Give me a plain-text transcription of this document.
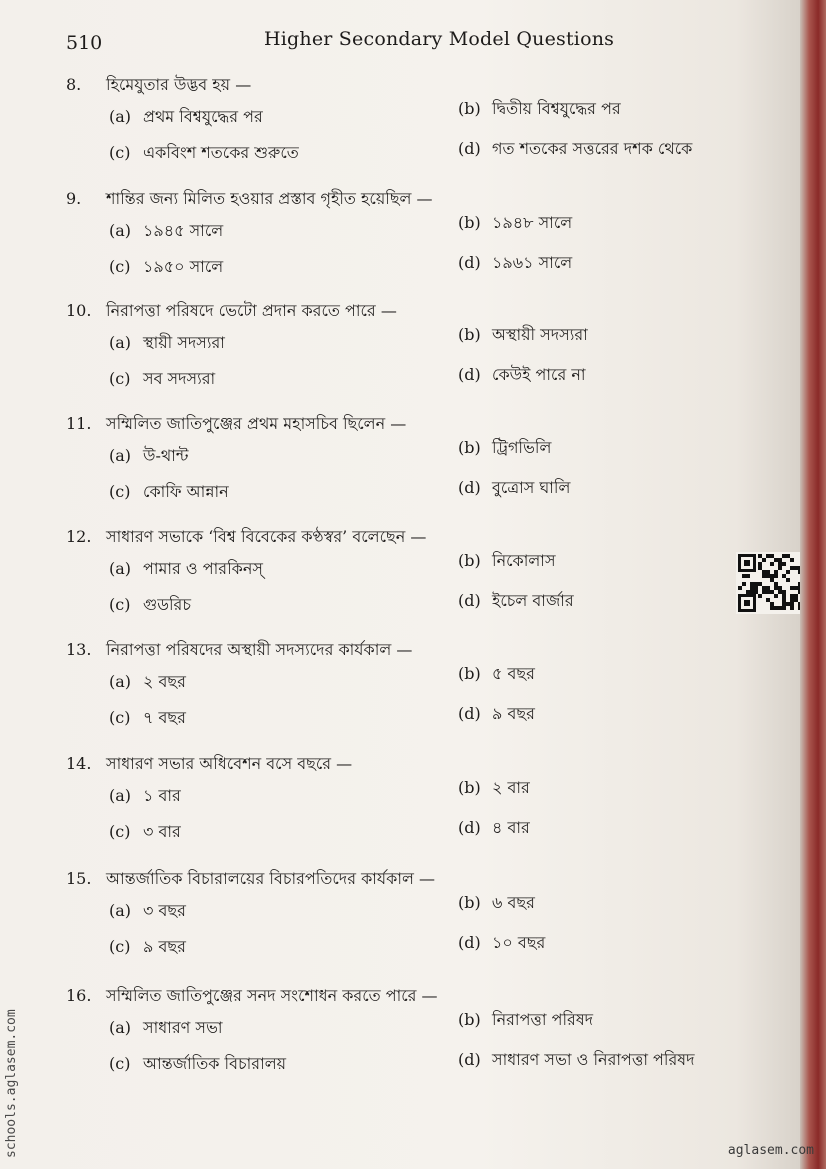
510	Higher Secondary Model Questions
8.	হিমেযুতার উদ্ভব হয় —
(a) প্রথম বিশ্বযুদ্ধের পর	(b) দ্বিতীয় বিশ্বযুদ্ধের পর
(c) একবিংশ শতকের শুরুতে	(d) গত শতকের সত্তরের দশক থেকে
9.	শান্তির জন্য মিলিত হওয়ার প্রস্তাব গৃহীত হয়েছিল —
(a) ১৯৪৫ সালে	(b) ১৯৪৮ সালে
(c) ১৯৫০ সালে	(d) ১৯৬১ সালে
10. নিরাপত্তা পরিষদে ভেটো প্রদান করতে পারে —
(a) স্থায়ী সদস্যরা	(b) অস্থায়ী সদস্যরা
(c) সব সদস্যরা	(d) কেউই পারে না
11. সম্মিলিত জাতিপুঞ্জের প্রথম মহাসচিব ছিলেন —
(a) উ-থান্ট	(b) ট্রিগভিলি
(c) কোফি আন্নান	(d) বুত্রোস ঘালি
12. সাধারণ সভাকে ‘বিশ্ব বিবেকের কণ্ঠস্বর’ বলেছেন —
(a) পামার ও পারকিনস্‌	(b) নিকোলাস
(c) গুডরিচ	(d) ইচেল বার্জার
13. নিরাপত্তা পরিষদের অস্থায়ী সদস্যদের কার্যকাল —
(a) ২ বছর	(b) ৫ বছর
(c) ৭ বছর	(d) ৯ বছর
14. সাধারণ সভার অধিবেশন বসে বছরে —
(a) ১ বার	(b) ২ বার
(c) ৩ বার	(d) ৪ বার
15. আন্তর্জাতিক বিচারালয়ের বিচারপতিদের কার্যকাল —
(a) ৩ বছর	(b) ৬ বছর
(c) ৯ বছর	(d) ১০ বছর
16. সম্মিলিত জাতিপুঞ্জের সনদ সংশোধন করতে পারে —
(a) সাধারণ সভা	(b) নিরাপত্তা পরিষদ
(c) আন্তর্জাতিক বিচারালয়	(d) সাধারণ সভা ও নিরাপত্তা পরিষদ
schools.aglasem.com	aglasem.com
